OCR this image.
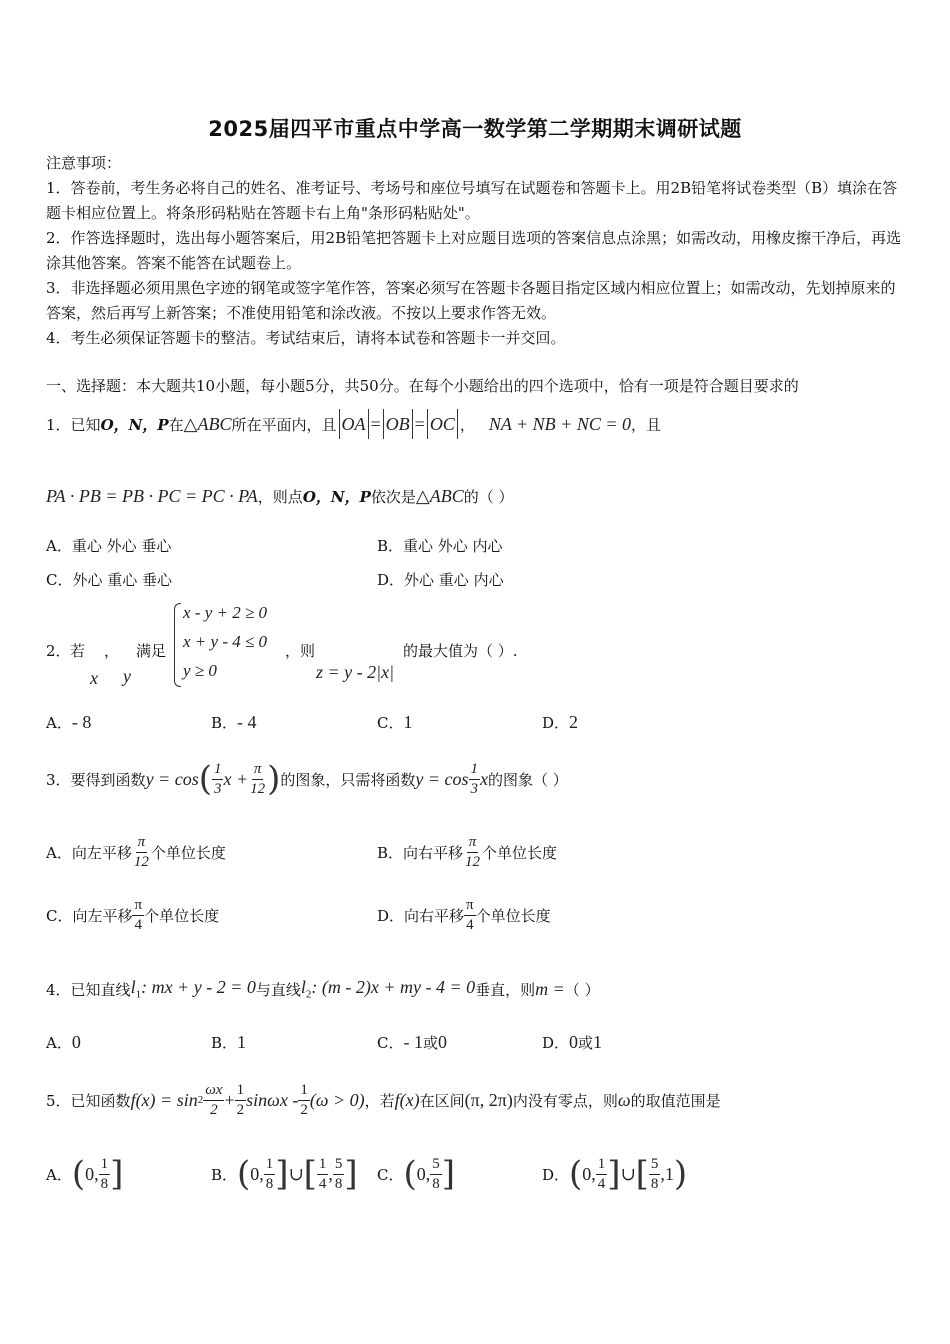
2025届四平市重点中学高一数学第二学期期末调研试题
注意事项：
1．答卷前，考生务必将自己的姓名、准考证号、考场号和座位号填写在试题卷和答题卡上。用2B铅笔将试卷类型（B）填涂在答题卡相应位置上。将条形码粘贴在答题卡右上角"条形码粘贴处"。
2．作答选择题时，选出每小题答案后，用2B铅笔把答题卡上对应题目选项的答案信息点涂黑；如需改动，用橡皮擦干净后，再选涂其他答案。答案不能答在试题卷上。
3．非选择题必须用黑色字迹的钢笔或签字笔作答，答案必须写在答题卡各题目指定区域内相应位置上；如需改动，先划掉原来的答案，然后再写上新答案；不准使用铅笔和涂改液。不按以上要求作答无效。
4．考生必须保证答题卡的整洁。考试结束后，请将本试卷和答题卡一并交回。
一、选择题：本大题共10小题，每小题5分，共50分。在每个小题给出的四个选项中，恰有一项是符合题目要求的
1． 已知 O，N，P 在 △ABC 所在平面内，且 OA = OB = OC ， NA + NB + NC = 0 ，且
PA · PB = PB · PC = PC · PA ，则点 O，N，P 依次是 △ABC 的（ ）
A．重心 外心 垂心	B．重心 外心 内心
C．外心 重心 垂心	D．外心 重心 内心
2． 若 ， 满足
x y
x - y + 2 ≥ 0
x + y - 4 ≤ 0
y ≥ 0
，则
z = y - 2|x|
的最大值为（ ）.
A．- 8	B．- 4	C．1	D．2
3． 要得到函数 y = cos ( $\frac{1}{3}$ $x + \frac{\pi}{12}$ ) 的图象，只需将函数 $y = \cos \frac{1}{3}$ x 的图象（ ）
A．向左平移 $\frac{\pi}{12}$ 个单位长度	B．向右平移 $\frac{\pi}{12}$ 个单位长度
C．向左平移 $\frac{\pi}{4}$ 个单位长度	D．向右平移 $\frac{\pi}{4}$ 个单位长度
4． 已知直线 $l_1$: mx + y - 2 = 0 与直线 $l_2$: (m - 2)x + my - 4 = 0 垂直，则 m = （ ）
A．0	B．1	C．- 1或0	D．0或1
5． 已知函数 $f(x) = \sin 2 \frac{\omega x}{2} + \frac{1}{2}$ $\sin\omega x - \frac{1}{2} (\omega > 0)$ ，若 f(x) 在区间 (π, 2π) 内没有零点，则 ω 的取值范围是
A． ( 0, $\frac{1}{8}$ ]	B． ( 0, $\frac{1}{8}$ ] ∪ [ $\frac{1}{4}$ , $\frac{5}{8}$ ] C． ( 0, $\frac{5}{8}$ ]	D． ( 0, $\frac{1}{4}$ ] ∪ [ $\frac{5}{8} ,1$ )
